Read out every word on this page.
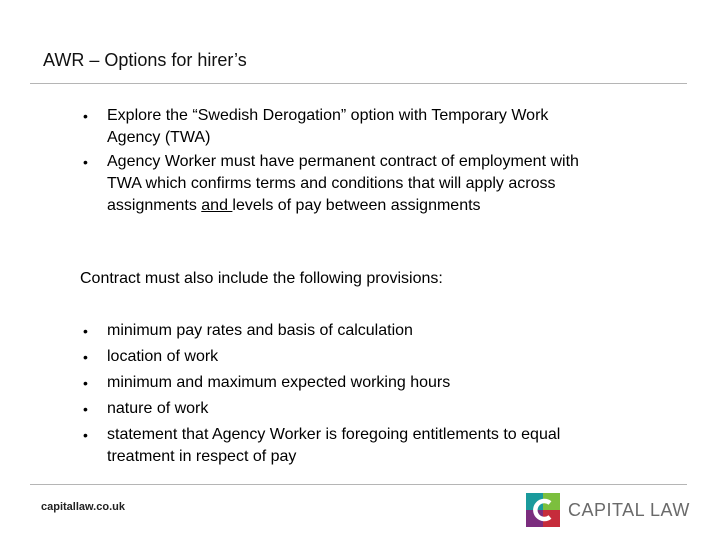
AWR – Options for hirer’s
• Explore the “Swedish Derogation” option with Temporary Work Agency (TWA)
• Agency Worker must have permanent contract of employment with TWA which confirms terms and conditions that will apply across assignments and levels of pay between assignments
Contract must also include the following provisions:
• minimum pay rates and basis of calculation
• location of work
• minimum and maximum expected working hours
• nature of work
• statement that Agency Worker is foregoing entitlements to equal treatment in respect of pay
capitallaw.co.uk	CAPITAL LAW
